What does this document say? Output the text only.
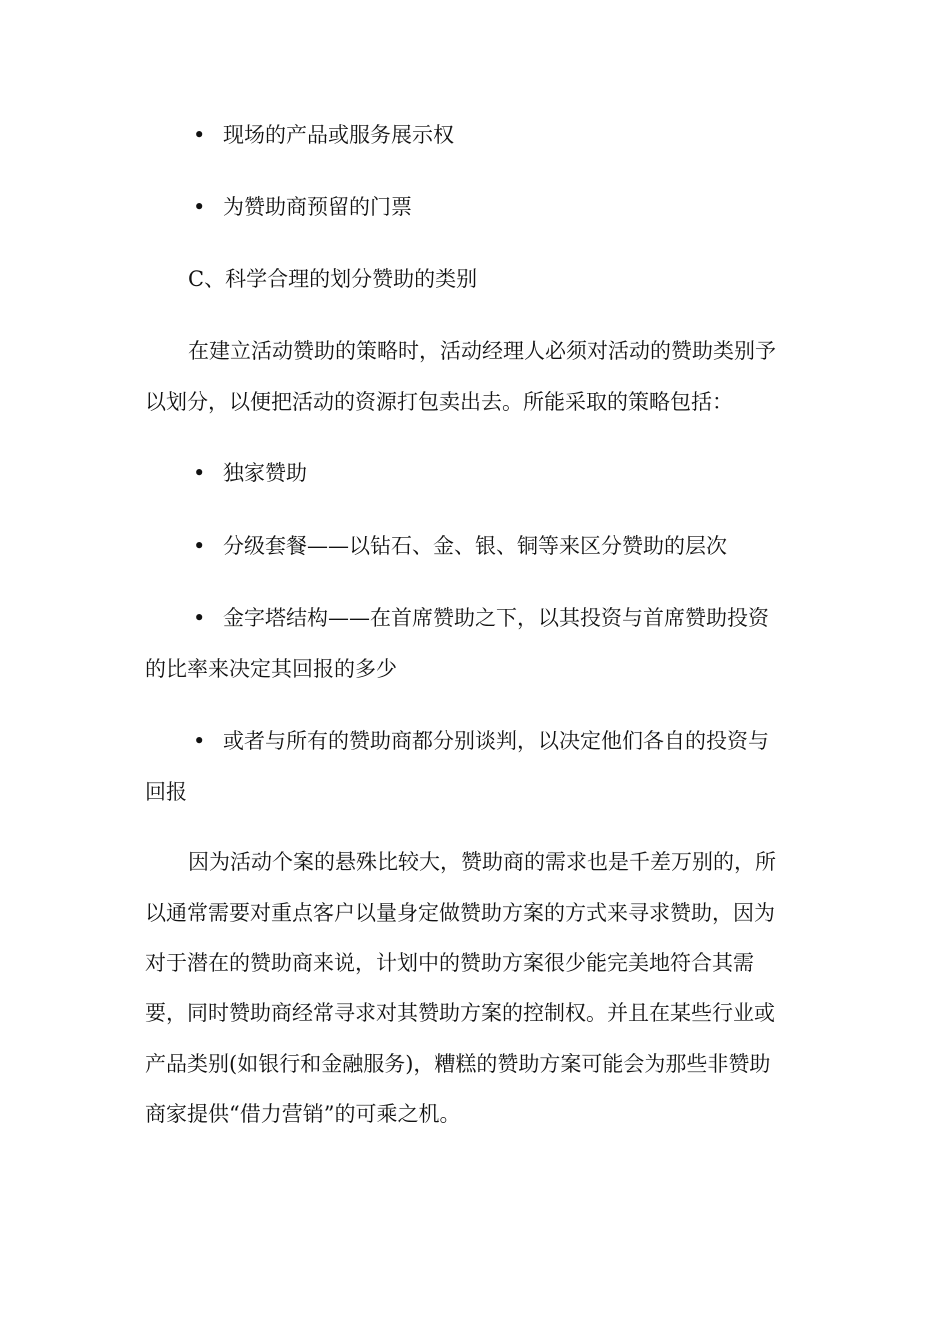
• 现场的产品或服务展示权
• 为赞助商预留的门票
C、科学合理的划分赞助的类别
在建立活动赞助的策略时，活动经理人必须对活动的赞助类别予
以划分，以便把活动的资源打包卖出去。所能采取的策略包括：
• 独家赞助
• 分级套餐——以钻石、金、银、铜等来区分赞助的层次
• 金字塔结构——在首席赞助之下，以其投资与首席赞助投资
的比率来决定其回报的多少
• 或者与所有的赞助商都分别谈判，以决定他们各自的投资与
回报
因为活动个案的悬殊比较大，赞助商的需求也是千差万别的，所
以通常需要对重点客户以量身定做赞助方案的方式来寻求赞助，因为
对于潜在的赞助商来说，计划中的赞助方案很少能完美地符合其需
要，同时赞助商经常寻求对其赞助方案的控制权。并且在某些行业或
产品类别(如银行和金融服务)，糟糕的赞助方案可能会为那些非赞助
商家提供“借力营销”的可乘之机。
